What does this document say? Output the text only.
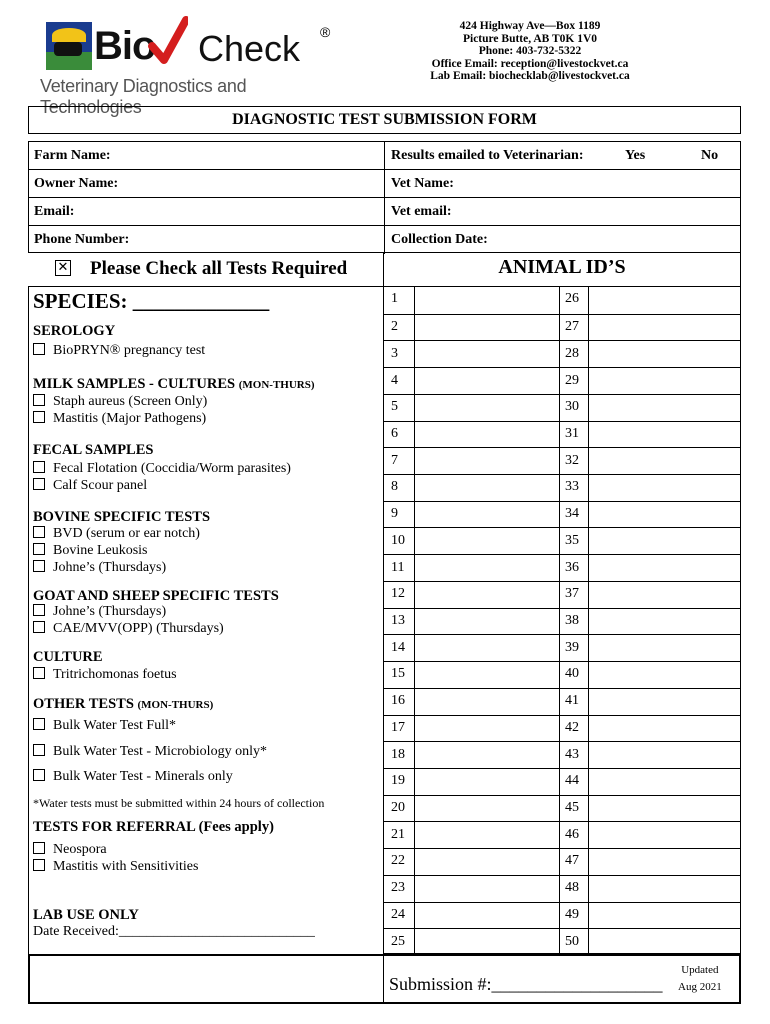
Bio Check ®
Veterinary Diagnostics and Technologies
424 Highway Ave—Box 1189
Picture Butte, AB T0K 1V0
Phone: 403-732-5322
Office Email: reception@livestockvet.ca
Lab Email: biochecklab@livestockvet.ca
DIAGNOSTIC TEST SUBMISSION FORM
Farm Name:	Results emailed to Veterinarian:	Yes	No
Owner Name:	Vet Name:
Email:	Vet email:
Phone Number:	Collection Date:
✕ Please Check all Tests Required	ANIMAL ID’S
SPECIES: _____________
SEROLOGY
BioPRYN® pregnancy test
MILK SAMPLES - CULTURES (MON-THURS)
Staph aureus (Screen Only)
Mastitis (Major Pathogens)
FECAL SAMPLES
Fecal Flotation (Coccidia/Worm parasites)
Calf Scour panel
BOVINE SPECIFIC TESTS
BVD (serum or ear notch)
Bovine Leukosis
Johne’s (Thursdays)
GOAT AND SHEEP SPECIFIC TESTS
Johne’s (Thursdays)
CAE/MVV(OPP) (Thursdays)
CULTURE
Tritrichomonas foetus
OTHER TESTS (MON-THURS)
Bulk Water Test Full*
Bulk Water Test - Microbiology only*
Bulk Water Test - Minerals only
*Water tests must be submitted within 24 hours of collection
TESTS FOR REFERRAL (Fees apply)
Neospora
Mastitis with Sensitivities
LAB USE ONLY
Date Received:____________________________
1	26
2	27
3	28
4	29
5	30
6	31
7	32
8	33
9	34
10	35
11	36
12	37
13	38
14	39
15	40
16	41
17	42
18	43
19	44
20	45
21	46
22	47
23	48
24	49
25	50
Submission #:___________________
Updated
Aug 2021
